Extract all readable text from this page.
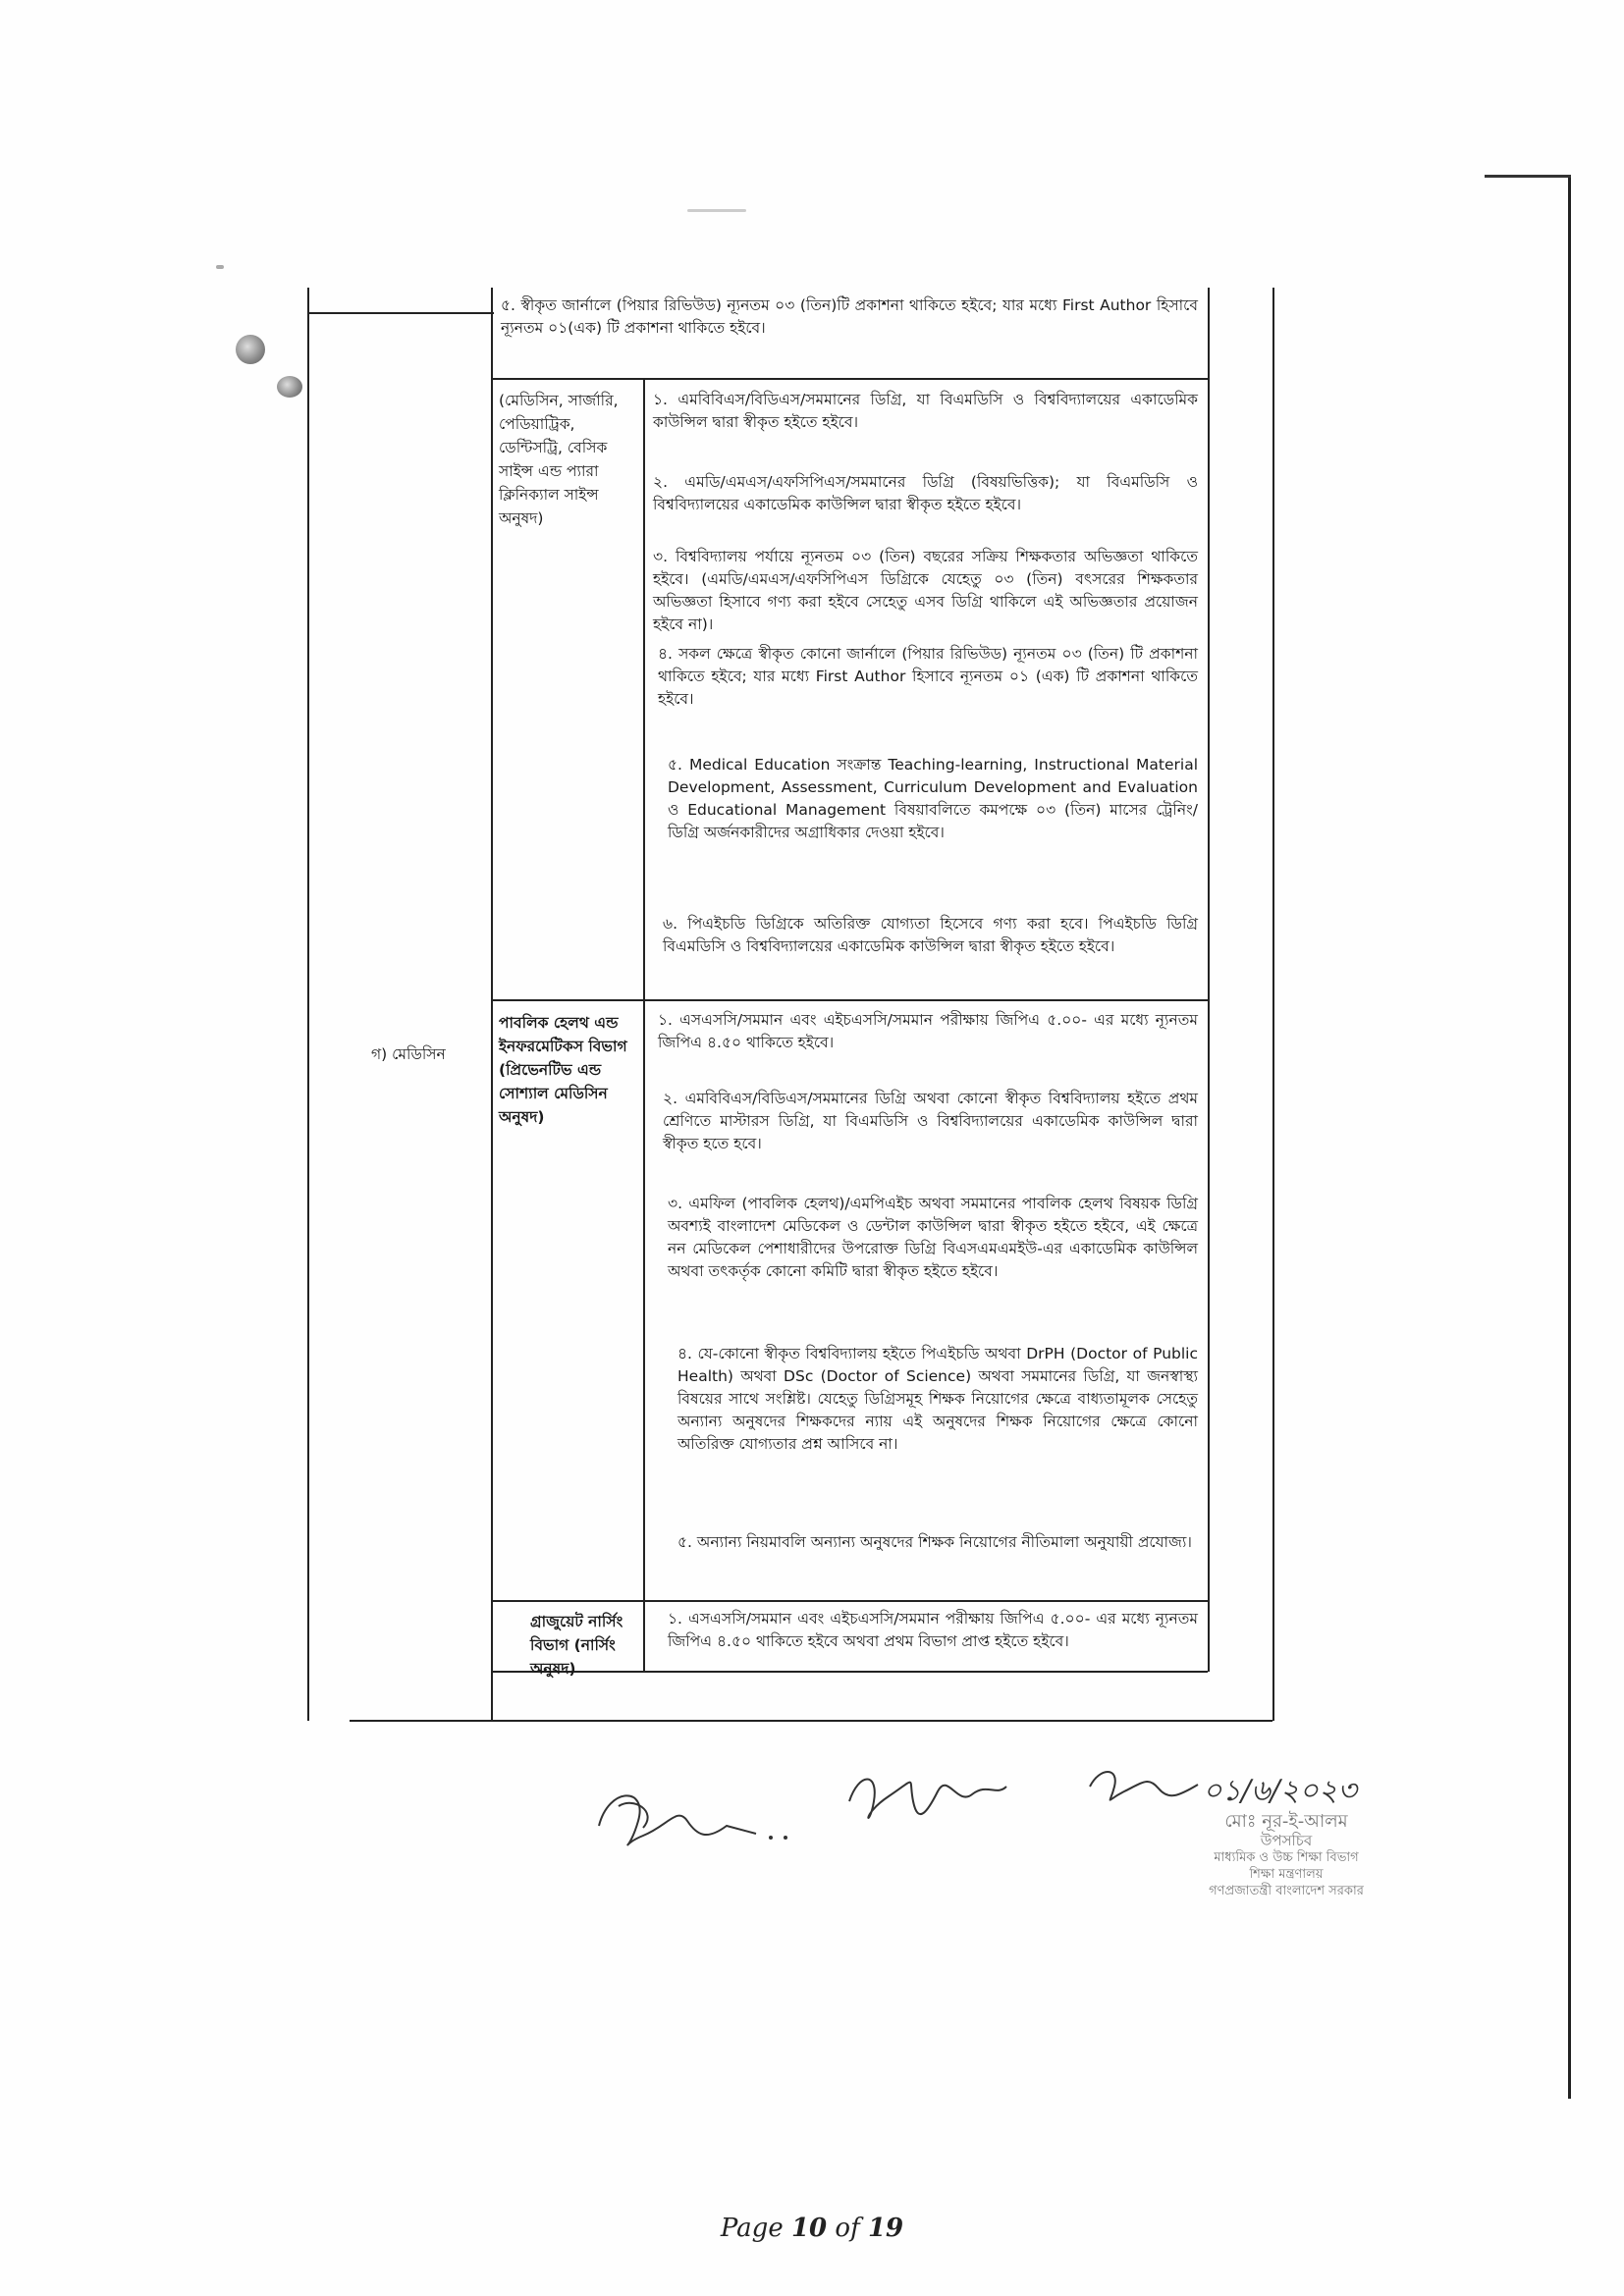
৫. স্বীকৃত জার্নালে (পিয়ার রিভিউড) ন্যূনতম ০৩ (তিন)টি প্রকাশনা থাকিতে হইবে; যার মধ্যে First Author হিসাবে ন্যূনতম ০১(এক) টি প্রকাশনা থাকিতে হইবে।
গ) মেডিসিন
(মেডিসিন, সার্জারি, পেডিয়াট্রিক, ডেন্টিসট্রি, বেসিক সাইন্স এন্ড প্যারা ক্লিনিক্যাল সাইন্স অনুষদ)
১. এমবিবিএস/বিডিএস/সমমানের ডিগ্রি, যা বিএমডিসি ও বিশ্ববিদ্যালয়ের একাডেমিক কাউন্সিল দ্বারা স্বীকৃত হইতে হইবে।
২. এমডি/এমএস/এফসিপিএস/সমমানের ডিগ্রি (বিষয়ভিত্তিক); যা বিএমডিসি ও বিশ্ববিদ্যালয়ের একাডেমিক কাউন্সিল দ্বারা স্বীকৃত হইতে হইবে।
৩. বিশ্ববিদ্যালয় পর্যায়ে ন্যূনতম ০৩ (তিন) বছরের সক্রিয় শিক্ষকতার অভিজ্ঞতা থাকিতে হইবে। (এমডি/এমএস/এফসিপিএস ডিগ্রিকে যেহেতু ০৩ (তিন) বৎসরের শিক্ষকতার অভিজ্ঞতা হিসাবে গণ্য করা হইবে সেহেতু এসব ডিগ্রি থাকিলে এই অভিজ্ঞতার প্রয়োজন হইবে না)।
৪. সকল ক্ষেত্রে স্বীকৃত কোনো জার্নালে (পিয়ার রিভিউড) ন্যূনতম ০৩ (তিন) টি প্রকাশনা থাকিতে হইবে; যার মধ্যে First Author হিসাবে ন্যূনতম ০১ (এক) টি প্রকাশনা থাকিতে হইবে।
৫. Medical Education সংক্রান্ত Teaching-learning, Instructional Material Development, Assessment, Curriculum Development and Evaluation ও Educational Management বিষয়াবলিতে কমপক্ষে ০৩ (তিন) মাসের ট্রেনিং/ ডিগ্রি অর্জনকারীদের অগ্রাধিকার দেওয়া হইবে।
৬. পিএইচডি ডিগ্রিকে অতিরিক্ত যোগ্যতা হিসেবে গণ্য করা হবে। পিএইচডি ডিগ্রি বিএমডিসি ও বিশ্ববিদ্যালয়ের একাডেমিক কাউন্সিল দ্বারা স্বীকৃত হইতে হইবে।
পাবলিক হেলথ এন্ড ইনফরমেটিকস বিভাগ (প্রিভেনটিভ এন্ড সোশ্যাল মেডিসিন অনুষদ)
১. এসএসসি/সমমান এবং এইচএসসি/সমমান পরীক্ষায় জিপিএ ৫.০০- এর মধ্যে ন্যূনতম জিপিএ ৪.৫০ থাকিতে হইবে।
২. এমবিবিএস/বিডিএস/সমমানের ডিগ্রি অথবা কোনো স্বীকৃত বিশ্ববিদ্যালয় হইতে প্রথম শ্রেণিতে মাস্টারস ডিগ্রি, যা বিএমডিসি ও বিশ্ববিদ্যালয়ের একাডেমিক কাউন্সিল দ্বারা স্বীকৃত হতে হবে।
৩. এমফিল (পাবলিক হেলথ)/এমপিএইচ অথবা সমমানের পাবলিক হেলথ বিষয়ক ডিগ্রি অবশ্যই বাংলাদেশ মেডিকেল ও ডেন্টাল কাউন্সিল দ্বারা স্বীকৃত হইতে হইবে, এই ক্ষেত্রে নন মেডিকেল পেশাধারীদের উপরোক্ত ডিগ্রি বিএসএমএমইউ-এর একাডেমিক কাউন্সিল অথবা তৎকর্তৃক কোনো কমিটি দ্বারা স্বীকৃত হইতে হইবে।
৪. যে-কোনো স্বীকৃত বিশ্ববিদ্যালয় হইতে পিএইচডি অথবা DrPH (Doctor of Public Health) অথবা DSc (Doctor of Science) অথবা সমমানের ডিগ্রি, যা জনস্বাস্থ্য বিষয়ের সাথে সংশ্লিষ্ট। যেহেতু ডিগ্রিসমূহ শিক্ষক নিয়োগের ক্ষেত্রে বাধ্যতামূলক সেহেতু অন্যান্য অনুষদের শিক্ষকদের ন্যায় এই অনুষদের শিক্ষক নিয়োগের ক্ষেত্রে কোনো অতিরিক্ত যোগ্যতার প্রশ্ন আসিবে না।
৫. অন্যান্য নিয়মাবলি অন্যান্য অনুষদের শিক্ষক নিয়োগের নীতিমালা অনুযায়ী প্রযোজ্য।
গ্রাজুয়েট নার্সিং বিভাগ (নার্সিং অনুষদ)
১. এসএসসি/সমমান এবং এইচএসসি/সমমান পরীক্ষায় জিপিএ ৫.০০- এর মধ্যে ন্যূনতম জিপিএ ৪.৫০ থাকিতে হইবে অথবা প্রথম বিভাগ প্রাপ্ত হইতে হইবে।
০১/৬/২০২৩
মোঃ নূর-ই-আলম
উপসচিব
মাধ্যমিক ও উচ্চ শিক্ষা বিভাগ
শিক্ষা মন্ত্রণালয়
গণপ্রজাতন্ত্রী বাংলাদেশ সরকার
Page 10 of 19
